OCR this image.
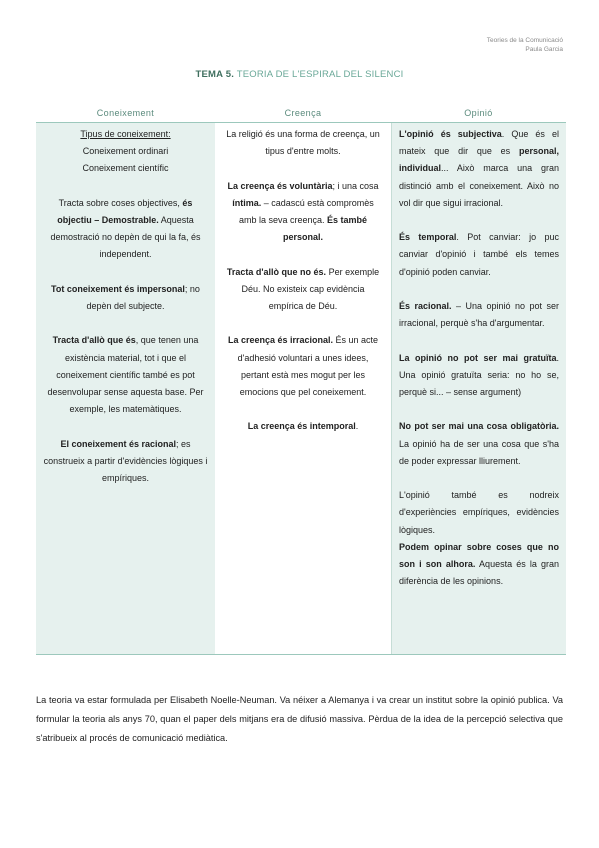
Teories de la Comunicació
Paula Garcia
TEMA 5. TEORIA DE L'ESPIRAL DEL SILENCI
Coneixement	Creença	Opinió

Tipus de coneixement:

Coneixement ordinari

Coneixement científic

Tracta sobre coses objectives, és objectiu – Demostrable. Aquesta demostració no depèn de qui la fa, és independent.

Tot coneixement és impersonal; no depèn del subjecte.

Tracta d'allò que és, que tenen una existència material, tot i que el coneixement científic també es pot desenvolupar sense aquesta base. Per exemple, les matemàtiques.

El coneixement és racional; es construeix a partir d'evidències lògiques i empíriques.

La religió és una forma de creença, un tipus d'entre molts.

La creença és voluntària; i una cosa íntima. – cadascú està compromès amb la seva creença. És també personal.

Tracta d'allò que no és. Per exemple Déu. No existeix cap evidència empírica de Déu.

La creença és irracional. És un acte d'adhesió voluntari a unes idees, pertant està mes mogut per les emocions que pel coneixement.

La creença és intemporal.

L'opinió és subjectiva. Que és el mateix que dir que es personal, individual... Això marca una gran distinció amb el coneixement. Això no vol dir que sigui irracional.

És temporal. Pot canviar: jo puc canviar d'opinió i també els temes d'opinió poden canviar.

És racional. – Una opinió no pot ser irracional, perquè s'ha d'argumentar.

La opinió no pot ser mai gratuïta. Una opinió gratuïta seria: no ho se, perquè si... – sense argument)

No pot ser mai una cosa obligatòria. La opinió ha de ser una cosa que s'ha de poder expressar lliurement.

L'opinió també es nodreix d'experiències empíriques, evidències lògiques.

Podem opinar sobre coses que no son i son alhora. Aquesta és la gran diferència de les opinions.

La teoria va estar formulada per Elisabeth Noelle-Neuman. Va néixer a Alemanya i va crear un institut sobre la opinió publica. Va formular la teoria als anys 70, quan el paper dels mitjans era de difusió massiva. Pèrdua de la idea de la percepció selectiva que s'atribueix al procés de comunicació mediàtica.
